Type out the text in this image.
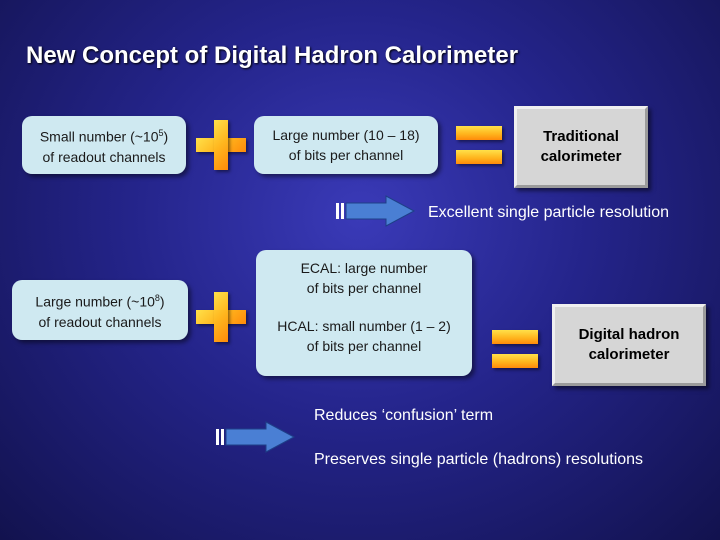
New Concept of Digital Hadron Calorimeter
Small number $(\sim 10^5)$
of readout channels
Large number (10 – 18)
of bits per channel
Traditional
calorimeter
Excellent single particle resolution
Large number $(\sim 10^8)$
of readout channels
ECAL: large number
of bits per channel
HCAL: small number (1 – 2)
of bits per channel
Digital hadron
calorimeter
Reduces ‘confusion’ term
Preserves single particle (hadrons) resolutions
